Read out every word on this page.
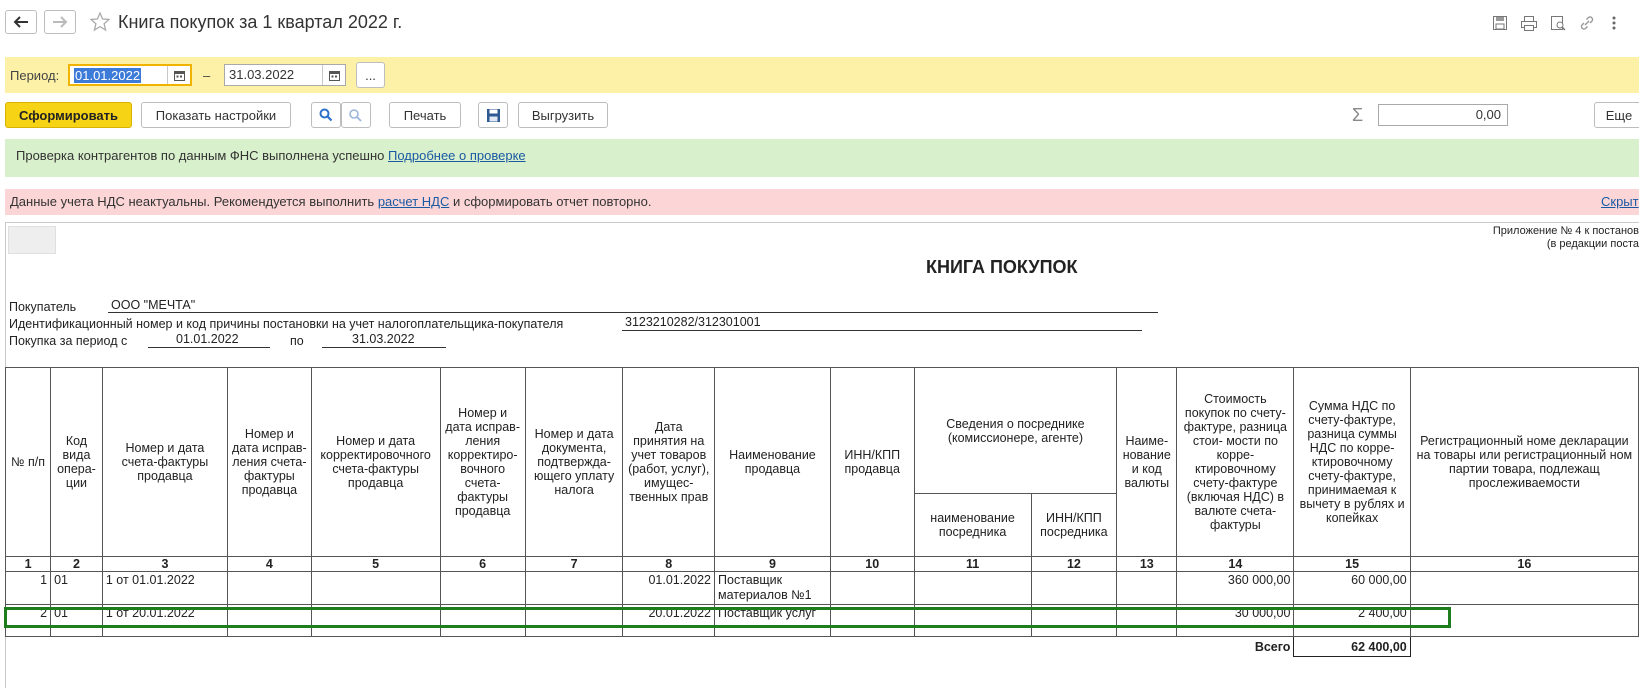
Книга покупок за 1 квартал 2022 г.
Период:	01.01.2022	–	31.03.2022	...
Сформировать	Показать настройки	Печать	Выгрузить	Σ	0,00	Еще
Проверка контрагентов по данным ФНС выполнена успешно Подробнее о проверке
Данные учета НДС неактуальны. Рекомендуется выполнить расчет НДС и сформировать отчет повторно.	Скрыт
Приложение № 4 к постанов
(в редакции поста
КНИГА ПОКУПОК
Покупатель	ООО "МЕЧТА"
Идентификационный номер и код причины постановки на учет налогоплательщика-покупателя	3123210282/312301001
Покупка за период с	01.01.2022	по	31.03.2022
№ п/п	Код вида опера- ции	Номер и дата счета-фактуры продавца	Номер и дата исправ- ления счета- фактуры продавца	Номер и дата корректировочного счета-фактуры продавца	Номер и дата исправ- ления корректиро- вочного счета- фактуры продавца	Номер и дата документа, подтвержда- ющего уплату налога	Дата принятия на учет товаров (работ, услуг), имущес- твенных прав	Наименование продавца	ИНН/КПП продавца	Сведения о посреднике (комиссионере, агенте)		Наиме- нование и код валюты	Стоимость покупок по счету-фактуре, разница стои- мости по корре- ктировочному счету-фактуре (включая НДС) в валюте счета-фактуры	Сумма НДС по счету-фактуре, разница суммы НДС по корре- ктировочному счету-фактуре, принимаемая к вычету в рублях и копейках	Регистрационный номе декларации на товары или регистрационный ном партии товара, подлежащ прослеживаемости
										наименование посредника	ИНН/КПП посредника				
1	2	3	4	5	6	7	8	9	10	11	12	13	14	15	16
1	01	1 от 01.01.2022					01.01.2022	Поставщик материалов №1					360 000,00	60 000,00	
2	01	1 от 20.01.2022					20.01.2022	Поставщик услуг					30 000,00	2 400,00	
Всего														62 400,00	
